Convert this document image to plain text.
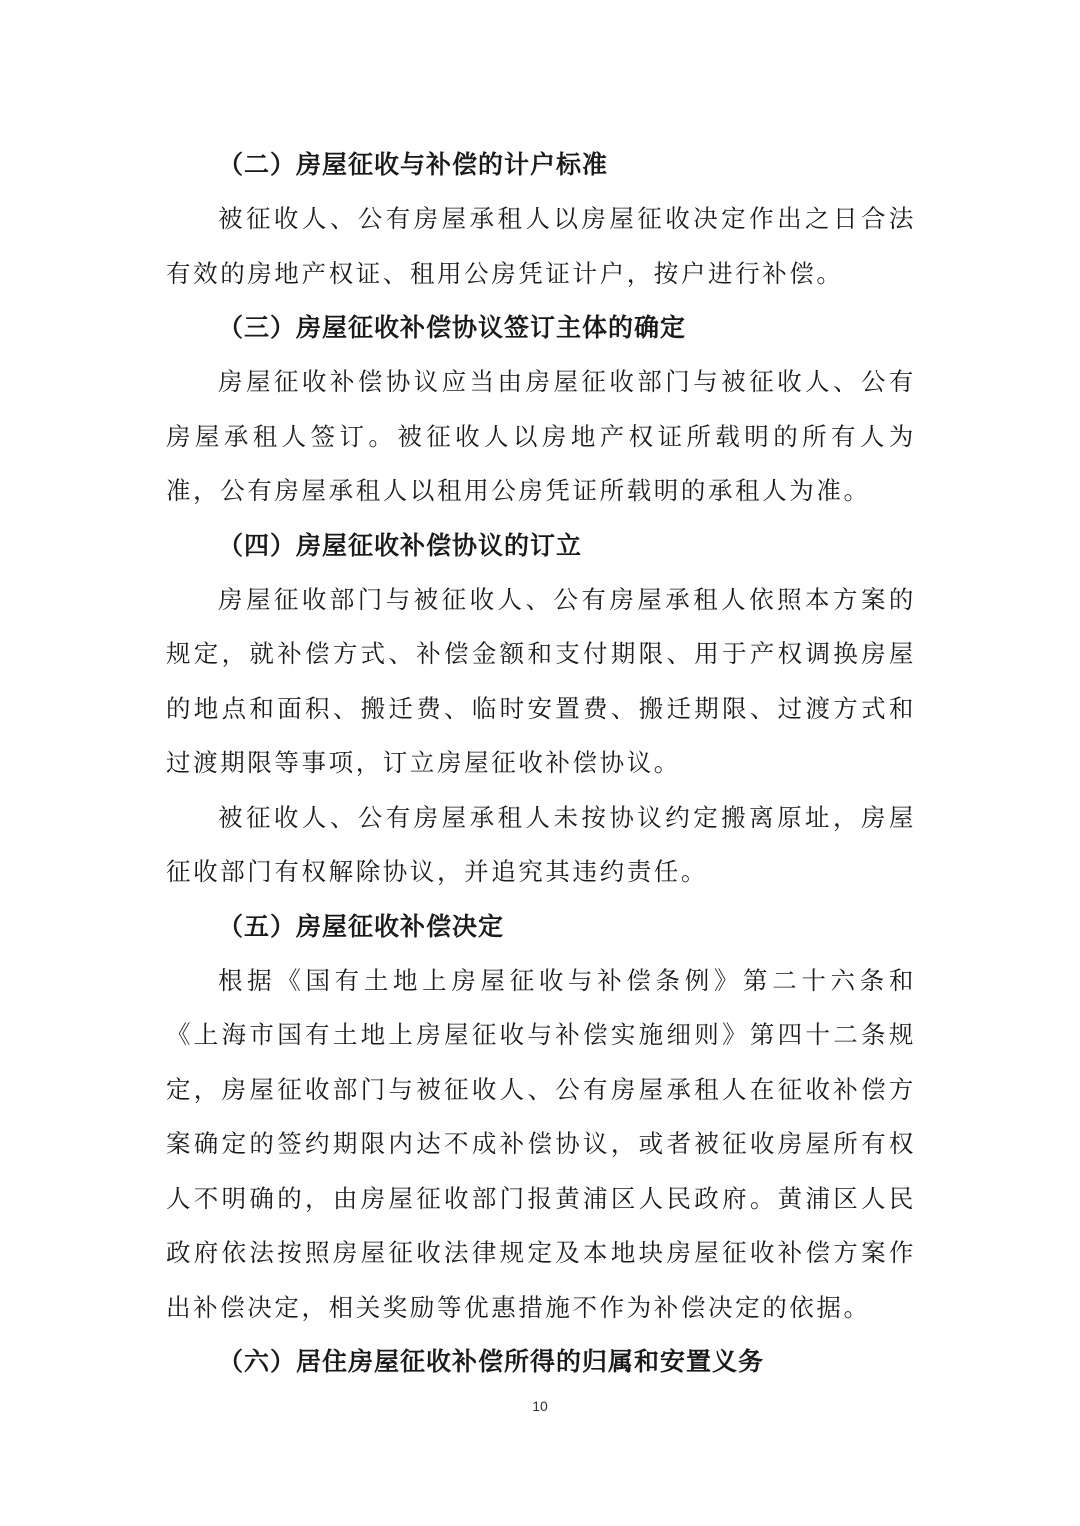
（二）房屋征收与补偿的计户标准

被征收人、公有房屋承租人以房屋征收决定作出之日合法有效的房地产权证、租用公房凭证计户，按户进行补偿。

（三）房屋征收补偿协议签订主体的确定

房屋征收补偿协议应当由房屋征收部门与被征收人、公有房屋承租人签订。被征收人以房地产权证所载明的所有人为准，公有房屋承租人以租用公房凭证所载明的承租人为准。

（四）房屋征收补偿协议的订立

房屋征收部门与被征收人、公有房屋承租人依照本方案的规定，就补偿方式、补偿金额和支付期限、用于产权调换房屋的地点和面积、搬迁费、临时安置费、搬迁期限、过渡方式和过渡期限等事项，订立房屋征收补偿协议。

被征收人、公有房屋承租人未按协议约定搬离原址，房屋征收部门有权解除协议，并追究其违约责任。

（五）房屋征收补偿决定

根据《国有土地上房屋征收与补偿条例》第二十六条和《上海市国有土地上房屋征收与补偿实施细则》第四十二条规定，房屋征收部门与被征收人、公有房屋承租人在征收补偿方案确定的签约期限内达不成补偿协议，或者被征收房屋所有权人不明确的，由房屋征收部门报黄浦区人民政府。黄浦区人民政府依法按照房屋征收法律规定及本地块房屋征收补偿方案作出补偿决定，相关奖励等优惠措施不作为补偿决定的依据。

（六）居住房屋征收补偿所得的归属和安置义务
10
